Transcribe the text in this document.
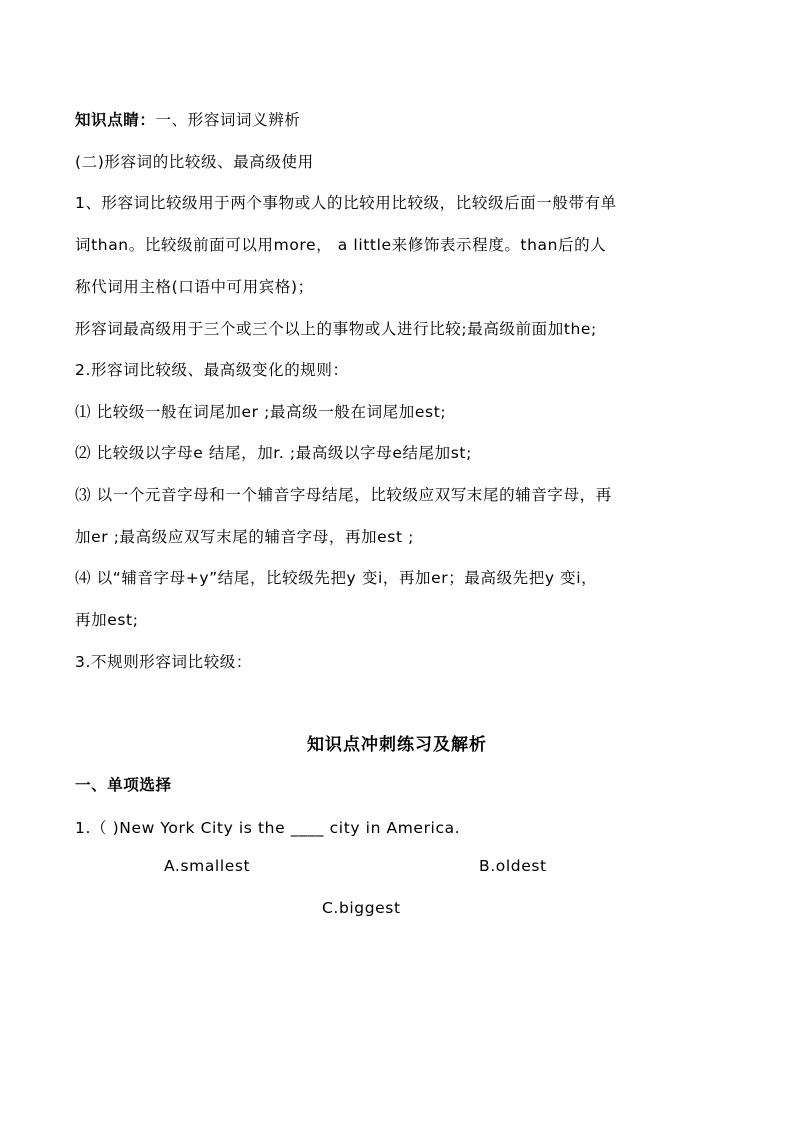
知识点睛：一、形容词词义辨析
(二)形容词的比较级、最高级使用
1、形容词比较级用于两个事物或人的比较用比较级，比较级后面一般带有单
词than。比较级前面可以用more， a little来修饰表示程度。than后的人
称代词用主格(口语中可用宾格)；
形容词最高级用于三个或三个以上的事物或人进行比较;最高级前面加the;
2.形容词比较级、最高级变化的规则：
⑴ 比较级一般在词尾加er ;最高级一般在词尾加est;
⑵ 比较级以字母e 结尾，加r. ;最高级以字母e结尾加st;
⑶ 以一个元音字母和一个辅音字母结尾，比较级应双写末尾的辅音字母，再
加er ;最高级应双写末尾的辅音字母，再加est ;
⑷ 以“辅音字母+y”结尾，比较级先把y 变i，再加er；最高级先把y 变i，
再加est;
3.不规则形容词比较级：
知识点冲刺练习及解析
一、单项选择
1.（ )New York City is the ____ city in America.
A.smallest	B.oldest
C.biggest
